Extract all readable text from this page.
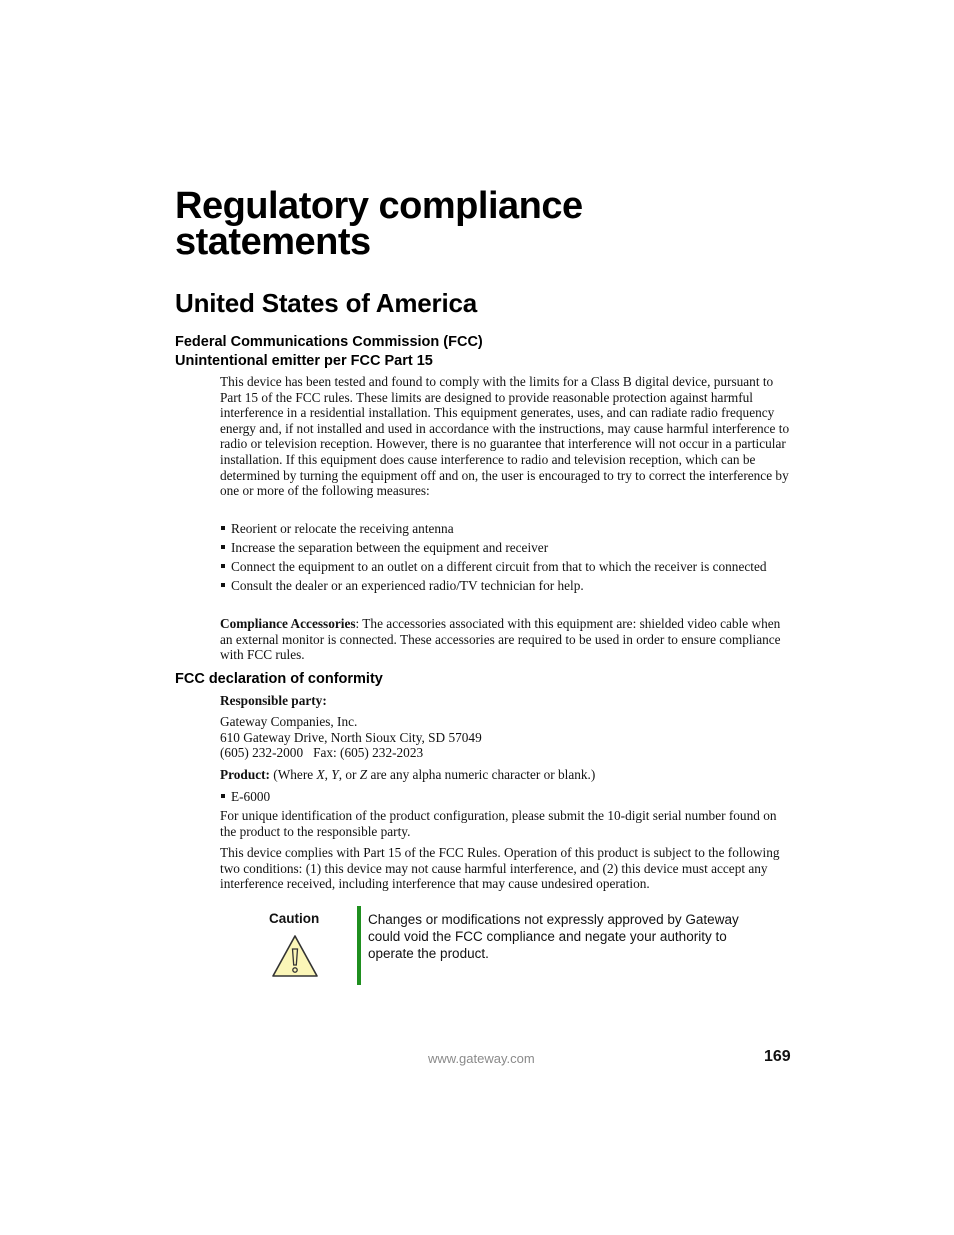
Regulatory compliance statements
United States of America
Federal Communications Commission (FCC)
Unintentional emitter per FCC Part 15

This device has been tested and found to comply with the limits for a Class B digital device, pursuant to Part 15 of the FCC rules. These limits are designed to provide reasonable protection against harmful interference in a residential installation. This equipment generates, uses, and can radiate radio frequency energy and, if not installed and used in accordance with the instructions, may cause harmful interference to radio or television reception. However, there is no guarantee that interference will not occur in a particular installation. If this equipment does cause interference to radio and television reception, which can be determined by turning the equipment off and on, the user is encouraged to try to correct the interference by one or more of the following measures:

Reorient or relocate the receiving antenna
Increase the separation between the equipment and receiver
Connect the equipment to an outlet on a different circuit from that to which the receiver is connected
Consult the dealer or an experienced radio/TV technician for help.

Compliance Accessories: The accessories associated with this equipment are: shielded video cable when an external monitor is connected. These accessories are required to be used in order to ensure compliance with FCC rules.

FCC declaration of conformity

Responsible party:

Gateway Companies, Inc.
610 Gateway Drive, North Sioux City, SD 57049
(605) 232-2000   Fax: (605) 232-2023

Product: (Where X, Y, or Z are any alpha numeric character or blank.)

E-6000

For unique identification of the product configuration, please submit the 10-digit serial number found on the product to the responsible party.

This device complies with Part 15 of the FCC Rules. Operation of this product is subject to the following two conditions: (1) this device may not cause harmful interference, and (2) this device must accept any interference received, including interference that may cause undesired operation.

Caution	Changes or modifications not expressly approved by Gateway could void the FCC compliance and negate your authority to operate the product.
www.gateway.com	169
